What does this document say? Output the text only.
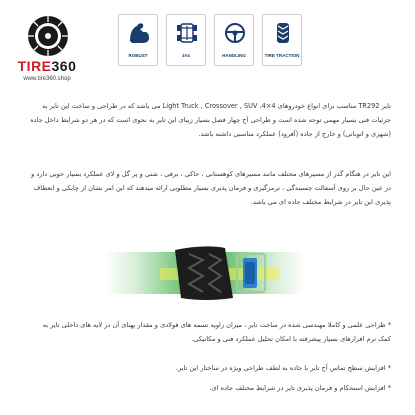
TIRE360
www.tire360.shop
ROBUST	4×4	HANDLING	TIRE TRACTION

تایر TR292 مناسب برای انواع خودروهای 4×4، Light Truck , Crossover , SUV می باشد که در طراحی و ساخت این تایر به جزئیات فنی بسیار مهمی توجه شده است و طراحی آج چهار فصل بسیار زیبای این تایر به نحوی است که در هر دو شرایط داخل جاده (شهری و اتوبانی) و خارج از جاده (آفرود) عملکرد مناسبی داشته باشد.

این تایر در هنگام گذر از مسیرهای مختلف مانند مسیرهای کوهستانی ، خاکی ، برفی ، شنی و پر گل و لای عملکرد بسیار خوبی دارد و در عین حال بر روی آسفالت چسبندگی ، ترمزگیری و فرمان پذیری بسیار مطلوبی ارائه میدهند که این امر نشان از چابکی و انعطاف پذیری این تایر در شرایط مختلف جاده ای می باشد.

* طراحی علمی و کاملا مهندسی شده در ساخت تایر ، میزان زاویه تسمه های فولادی و مقدار پهنای آن در لایه های داخلی تایر به کمک نرم افزارهای بسیار پیشرفته با امکان تحلیل عملکرد فنی و مکانیکی.

* افزایش سطح تماس آج تایر با جاده به لطف طراحی ویژه در ساختار این تایر.

* افزایش استحکام و فرمان پذیری تایر در شرایط مختلف جاده ای.
